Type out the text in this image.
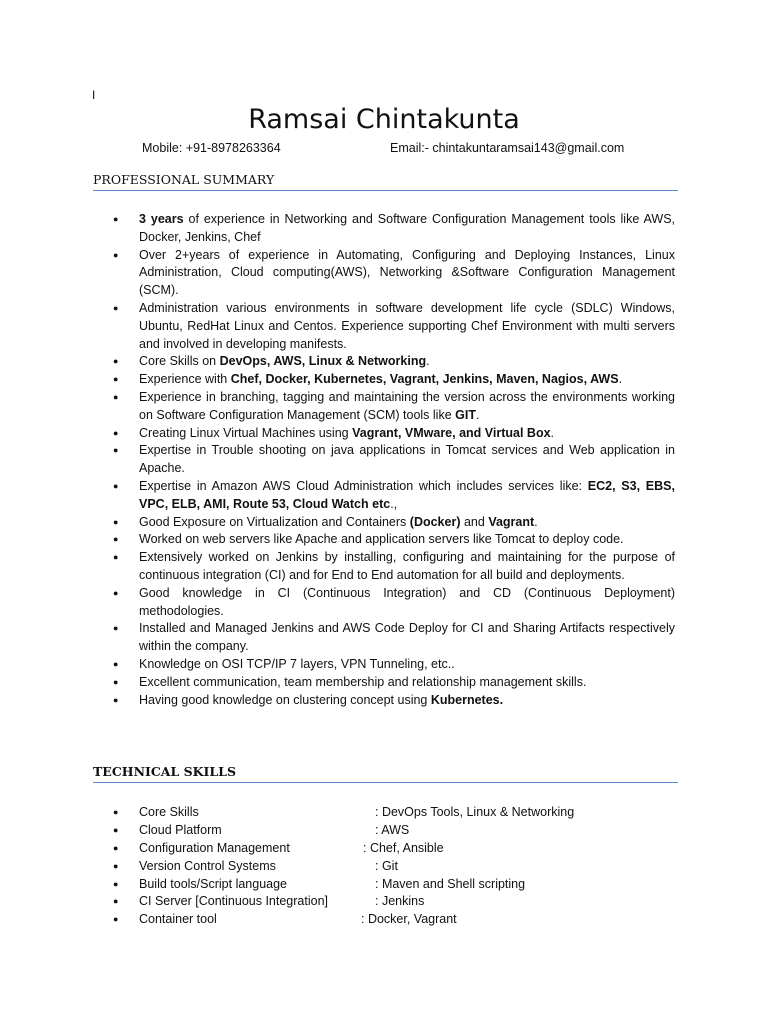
I
Ramsai Chintakunta
Mobile: +91-8978263364	Email:- chintakuntaramsai143@gmail.com
PROFESSIONAL SUMMARY
● 3 years of experience in Networking and Software Configuration Management tools like AWS, Docker, Jenkins, Chef
● Over 2+years of experience in Automating, Configuring and Deploying Instances, Linux Administration, Cloud computing(AWS), Networking &Software Configuration Management (SCM).
● Administration various environments in software development life cycle (SDLC) Windows, Ubuntu, RedHat Linux and Centos. Experience supporting Chef Environment with multi servers and involved in developing manifests.
● Core Skills on DevOps, AWS, Linux & Networking.
● Experience with Chef, Docker, Kubernetes, Vagrant, Jenkins, Maven, Nagios, AWS.
● Experience in branching, tagging and maintaining the version across the environments working on Software Configuration Management (SCM) tools like GIT.
● Creating Linux Virtual Machines using Vagrant, VMware, and Virtual Box.
● Expertise in Trouble shooting on java applications in Tomcat services and Web application in Apache.
● Expertise in Amazon AWS Cloud Administration which includes services like: EC2, S3, EBS, VPC, ELB, AMI, Route 53, Cloud Watch etc.,
● Good Exposure on Virtualization and Containers (Docker) and Vagrant.
● Worked on web servers like Apache and application servers like Tomcat to deploy code.
● Extensively worked on Jenkins by installing, configuring and maintaining for the purpose of continuous integration (CI) and for End to End automation for all build and deployments.
● Good knowledge in CI (Continuous Integration) and CD (Continuous Deployment) methodologies.
● Installed and Managed Jenkins and AWS Code Deploy for CI and Sharing Artifacts respectively within the company.
● Knowledge on OSI TCP/IP 7 layers, VPN Tunneling, etc..
● Excellent communication, team membership and relationship management skills.
● Having good knowledge on clustering concept using Kubernetes.
TECHNICAL SKILLS
● Core Skills	: DevOps Tools, Linux & Networking
● Cloud Platform	: AWS
● Configuration Management	: Chef, Ansible
● Version Control Systems	: Git
● Build tools/Script language	: Maven and Shell scripting
● CI Server [Continuous Integration]	: Jenkins
● Container tool	: Docker, Vagrant
